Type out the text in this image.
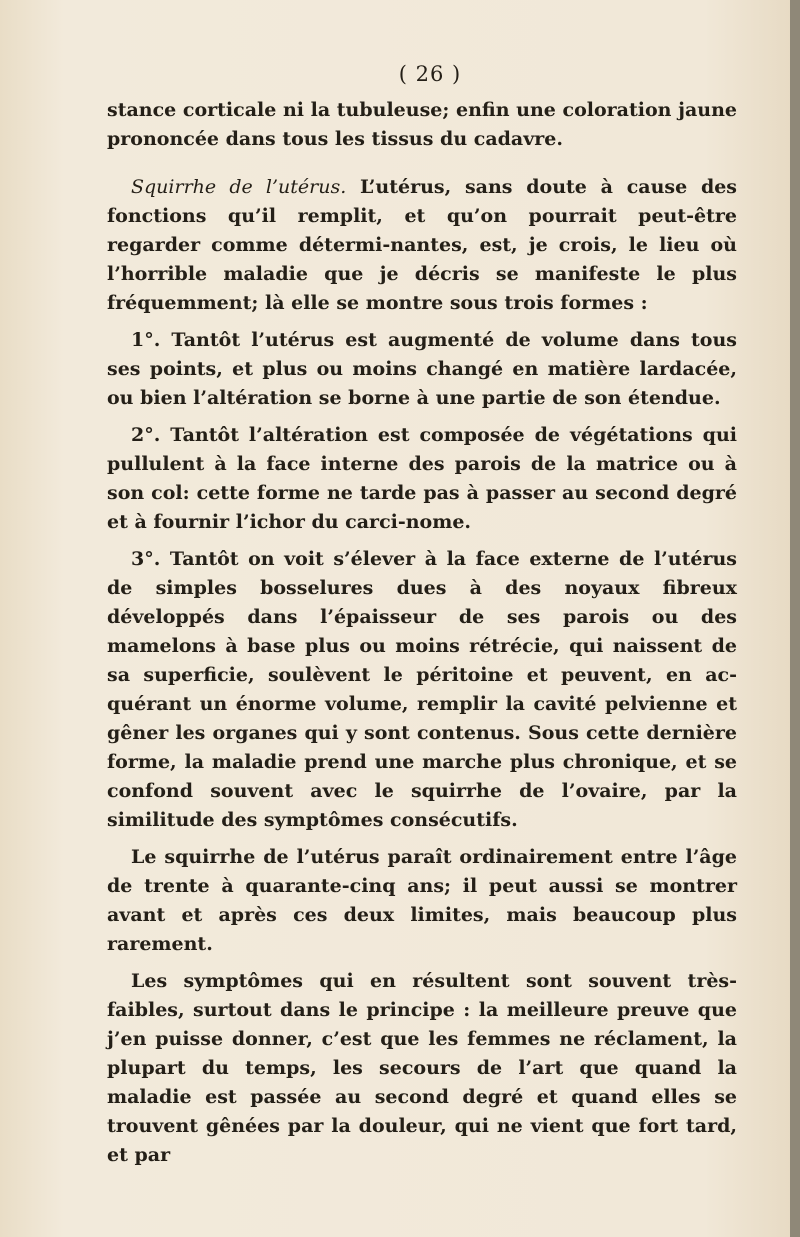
( 26 )

stance corticale ni la tubuleuse; enfin une coloration jaune prononcée dans tous les tissus du cadavre.

Squirrhe de l’utérus. L’utérus, sans doute à cause des fonctions qu’il remplit, et qu’on pourrait peut-être regarder comme détermi-nantes, est, je crois, le lieu où l’horrible maladie que je décris se manifeste le plus fréquemment; là elle se montre sous trois formes :

1°. Tantôt l’utérus est augmenté de volume dans tous ses points, et plus ou moins changé en matière lardacée, ou bien l’altération se borne à une partie de son étendue.

2°. Tantôt l’altération est composée de végétations qui pullulent à la face interne des parois de la matrice ou à son col: cette forme ne tarde pas à passer au second degré et à fournir l’ichor du carci-nome.

3°. Tantôt on voit s’élever à la face externe de l’utérus de simples bosselures dues à des noyaux fibreux développés dans l’épaisseur de ses parois ou des mamelons à base plus ou moins rétrécie, qui naissent de sa superficie, soulèvent le péritoine et peuvent, en ac-quérant un énorme volume, remplir la cavité pelvienne et gêner les organes qui y sont contenus. Sous cette dernière forme, la maladie prend une marche plus chronique, et se confond souvent avec le squirrhe de l’ovaire, par la similitude des symptômes consécutifs.

Le squirrhe de l’utérus paraît ordinairement entre l’âge de trente à quarante-cinq ans; il peut aussi se montrer avant et après ces deux limites, mais beaucoup plus rarement.

Les symptômes qui en résultent sont souvent très-faibles, surtout dans le principe : la meilleure preuve que j’en puisse donner, c’est que les femmes ne réclament, la plupart du temps, les secours de l’art que quand la maladie est passée au second degré et quand elles se trouvent gênées par la douleur, qui ne vient que fort tard, et par
